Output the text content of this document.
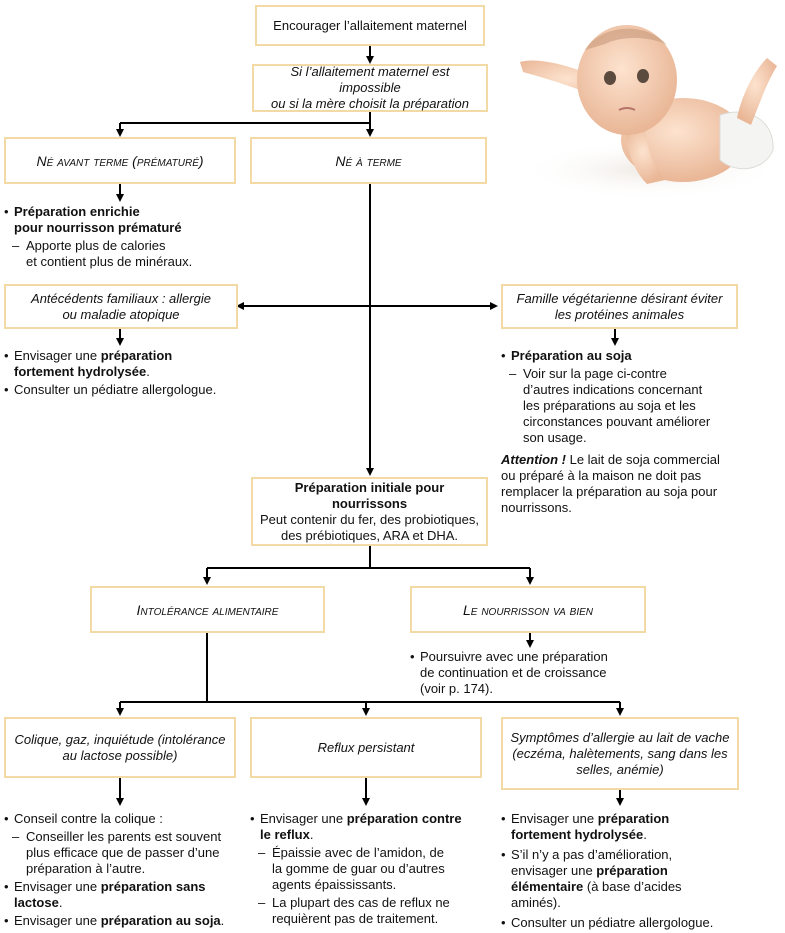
Encourager l’allaitement maternel
Si l’allaitement maternel est impossible
ou si la mère choisit la préparation
Né avant terme (prématuré)	Né à terme
Antécédents familiaux : allergie
ou maladie atopique
Famille végétarienne désirant éviter
les protéines animales
Préparation initiale pour nourrissons
Peut contenir du fer, des probiotiques,
des prébiotiques, ARA et DHA.
Intolérance alimentaire	Le nourrisson va bien
Colique, gaz, inquiétude (intolérance
au lactose possible)
Reflux persistant
Symptômes d’allergie au lait de vache
(eczéma, halètements, sang dans les
selles, anémie)
• Préparation enrichie
pour nourrisson prématuré
– Apporte plus de calories
et contient plus de minéraux.
• Envisager une préparation
fortement hydrolysée.
• Consulter un pédiatre allergologue.
• Préparation au soja
– Voir sur la page ci-contre
d’autres indications concernant
les préparations au soja et les
circonstances pouvant améliorer
son usage.
Attention ! Le lait de soja commercial
ou préparé à la maison ne doit pas
remplacer la préparation au soja pour
nourrissons.
• Poursuivre avec une préparation
de continuation et de croissance
(voir p. 174).
• Conseil contre la colique :
– Conseiller les parents est souvent
plus efficace que de passer d’une
préparation à l’autre.
• Envisager une préparation sans
lactose.
• Envisager une préparation au soja.
• Envisager une préparation contre
le reflux.
– Épaissie avec de l’amidon, de
la gomme de guar ou d’autres
agents épaississants.
– La plupart des cas de reflux ne
requièrent pas de traitement.
• Envisager une préparation
fortement hydrolysée.
• S’il n’y a pas d’amélioration,
envisager une préparation
élémentaire (à base d’acides
aminés).
• Consulter un pédiatre allergologue.
